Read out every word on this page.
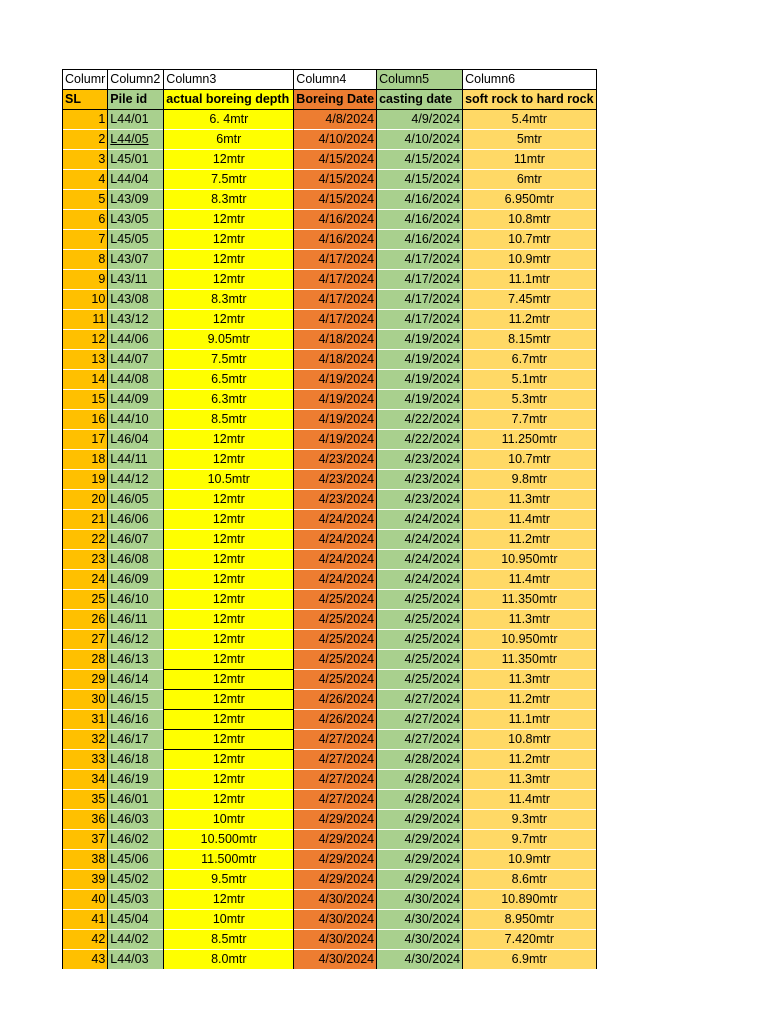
Columr	Column2	Column3	Column4	Column5	Column6
SL	Pile id	actual boreing depth	Boreing Date	casting date	soft rock to hard rock
1	L44/01	6. 4mtr	4/8/2024	4/9/2024	5.4mtr
2	L44/05	6mtr	4/10/2024	4/10/2024	5mtr
3	L45/01	12mtr	4/15/2024	4/15/2024	11mtr
4	L44/04	7.5mtr	4/15/2024	4/15/2024	6mtr
5	L43/09	8.3mtr	4/15/2024	4/16/2024	6.950mtr
6	L43/05	12mtr	4/16/2024	4/16/2024	10.8mtr
7	L45/05	12mtr	4/16/2024	4/16/2024	10.7mtr
8	L43/07	12mtr	4/17/2024	4/17/2024	10.9mtr
9	L43/11	12mtr	4/17/2024	4/17/2024	11.1mtr
10	L43/08	8.3mtr	4/17/2024	4/17/2024	7.45mtr
11	L43/12	12mtr	4/17/2024	4/17/2024	11.2mtr
12	L44/06	9.05mtr	4/18/2024	4/19/2024	8.15mtr
13	L44/07	7.5mtr	4/18/2024	4/19/2024	6.7mtr
14	L44/08	6.5mtr	4/19/2024	4/19/2024	5.1mtr
15	L44/09	6.3mtr	4/19/2024	4/19/2024	5.3mtr
16	L44/10	8.5mtr	4/19/2024	4/22/2024	7.7mtr
17	L46/04	12mtr	4/19/2024	4/22/2024	11.250mtr
18	L44/11	12mtr	4/23/2024	4/23/2024	10.7mtr
19	L44/12	10.5mtr	4/23/2024	4/23/2024	9.8mtr
20	L46/05	12mtr	4/23/2024	4/23/2024	11.3mtr
21	L46/06	12mtr	4/24/2024	4/24/2024	11.4mtr
22	L46/07	12mtr	4/24/2024	4/24/2024	11.2mtr
23	L46/08	12mtr	4/24/2024	4/24/2024	10.950mtr
24	L46/09	12mtr	4/24/2024	4/24/2024	11.4mtr
25	L46/10	12mtr	4/25/2024	4/25/2024	11.350mtr
26	L46/11	12mtr	4/25/2024	4/25/2024	11.3mtr
27	L46/12	12mtr	4/25/2024	4/25/2024	10.950mtr
28	L46/13	12mtr	4/25/2024	4/25/2024	11.350mtr
29	L46/14	12mtr	4/25/2024	4/25/2024	11.3mtr
30	L46/15	12mtr	4/26/2024	4/27/2024	11.2mtr
31	L46/16	12mtr	4/26/2024	4/27/2024	11.1mtr
32	L46/17	12mtr	4/27/2024	4/27/2024	10.8mtr
33	L46/18	12mtr	4/27/2024	4/28/2024	11.2mtr
34	L46/19	12mtr	4/27/2024	4/28/2024	11.3mtr
35	L46/01	12mtr	4/27/2024	4/28/2024	11.4mtr
36	L46/03	10mtr	4/29/2024	4/29/2024	9.3mtr
37	L46/02	10.500mtr	4/29/2024	4/29/2024	9.7mtr
38	L45/06	11.500mtr	4/29/2024	4/29/2024	10.9mtr
39	L45/02	9.5mtr	4/29/2024	4/29/2024	8.6mtr
40	L45/03	12mtr	4/30/2024	4/30/2024	10.890mtr
41	L45/04	10mtr	4/30/2024	4/30/2024	8.950mtr
42	L44/02	8.5mtr	4/30/2024	4/30/2024	7.420mtr
43	L44/03	8.0mtr	4/30/2024	4/30/2024	6.9mtr
